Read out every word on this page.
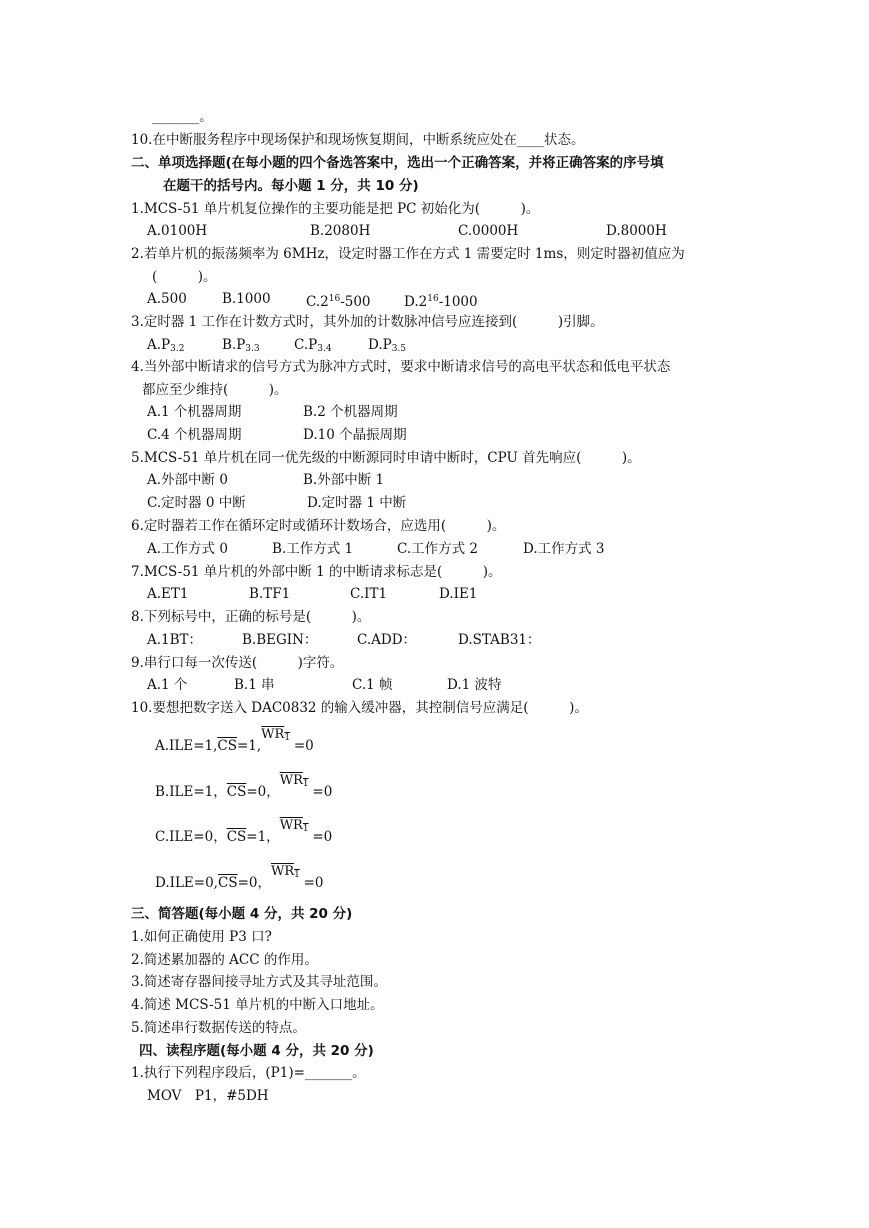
_______。
10.在中断服务程序中现场保护和现场恢复期间，中断系统应处在____状态。
二、单项选择题(在每小题的四个备选答案中，选出一个正确答案，并将正确答案的序号填
在题干的括号内。每小题 1 分，共 10 分)
1.MCS-51 单片机复位操作的主要功能是把 PC 初始化为(　　　)。
A.0100H	B.2080H	C.0000H	D.8000H
2.若单片机的振荡频率为 6MHz，设定时器工作在方式 1 需要定时 1ms，则定时器初值应为
(　　　)。
A.500	B.1000	$C.2^{16}-500$ $D.2^{16}-1000$
3.定时器 1 工作在计数方式时，其外加的计数脉冲信号应连接到(　　　)引脚。
$A.P_{3.2}$	$B.P_{3.3}$	$C.P_{3.4}$	$D.P_{3.5}$
4.当外部中断请求的信号方式为脉冲方式时，要求中断请求信号的高电平状态和低电平状态
都应至少维持(　　　)。
A.1 个机器周期	B.2 个机器周期
C.4 个机器周期	D.10 个晶振周期
5.MCS-51 单片机在同一优先级的中断源同时申请中断时，CPU 首先响应(　　　)。
A.外部中断 0	B.外部中断 1
C.定时器 0 中断	D.定时器 1 中断
6.定时器若工作在循环定时或循环计数场合，应选用(　　　)。
A.工作方式 0	B.工作方式 1	C.工作方式 2	D.工作方式 3
7.MCS-51 单片机的外部中断 1 的中断请求标志是(　　　)。
A.ET1	B.TF1	C.IT1	D.IE1
8.下列标号中，正确的标号是(　　　)。
A.1BT：	B.BEGIN：	C.ADD：	D.STAB31：
9.串行口每一次传送(　　　)字符。
A.1 个	B.1 串	C.1 帧	D.1 波特
10.要想把数字送入 DAC0832 的输入缓冲器，其控制信号应满足(　　　)。
$A.ILE=1,\overline{CS}=1$,
$WR_1 =0$
B.ILE=1，$\overline{CS}=0$，
$WR_1 =0$
C.ILE=0，$\overline{CS}=1$，
$WR_1 =0$
$D.ILE=0,\overline{CS}=0$，
$WR_1 =0$
三、简答题(每小题 4 分，共 20 分)
1.如何正确使用 P3 口?
2.简述累加器的 ACC 的作用。
3.简述寄存器间接寻址方式及其寻址范围。
4.简述 MCS-51 单片机的中断入口地址。
5.简述串行数据传送的特点。
四、读程序题(每小题 4 分，共 20 分)
1.执行下列程序段后，(P1)=_______。
MOV　P1，#5DH
